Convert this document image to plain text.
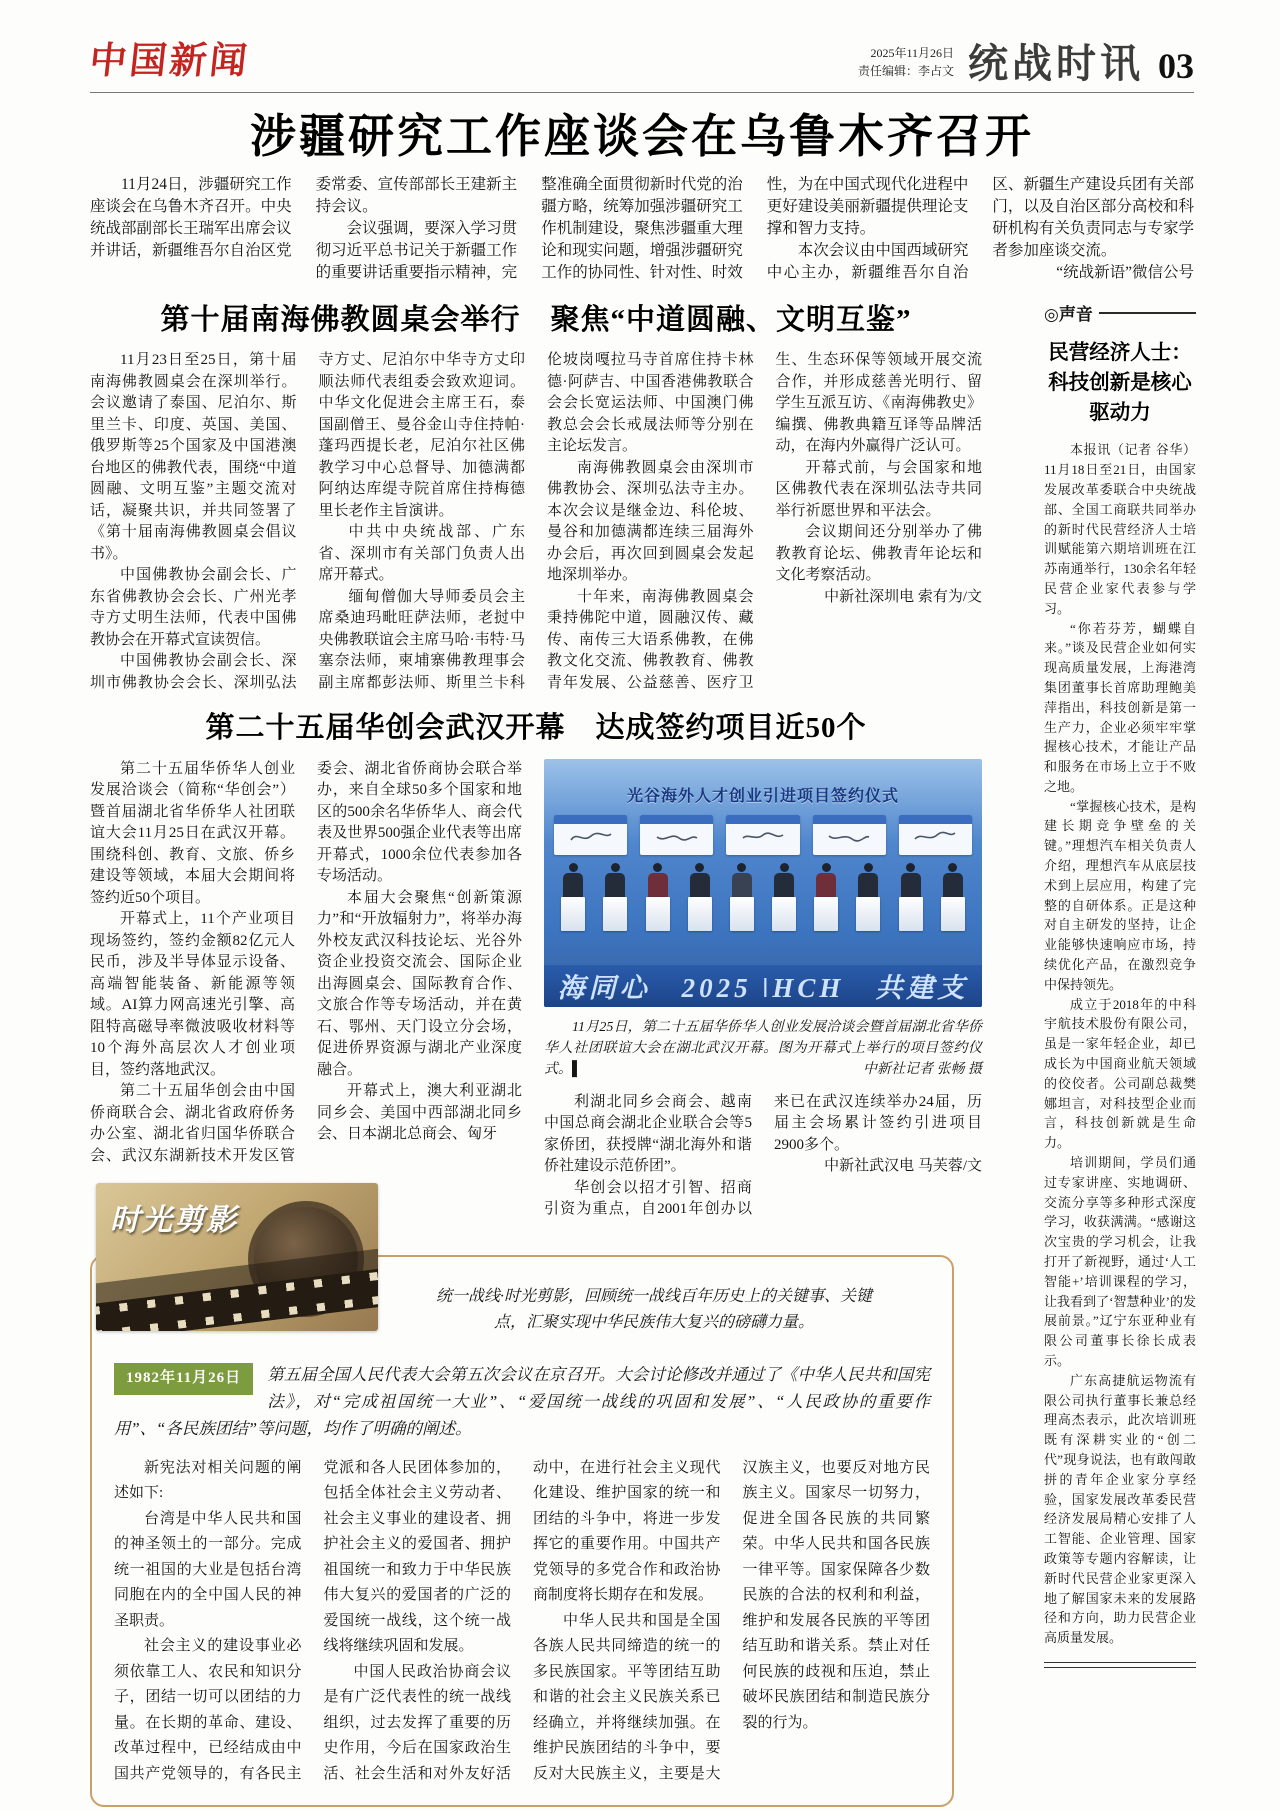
中国新闻	2025年11月26日
责任编辑：李占文 统战时讯 03
涉疆研究工作座谈会在乌鲁木齐召开

11月24日，涉疆研究工作座谈会在乌鲁木齐召开。中央统战部副部长王瑞军出席会议并讲话，新疆维吾尔自治区党委常委、宣传部部长王建新主持会议。

会议强调，要深入学习贯彻习近平总书记关于新疆工作的重要讲话重要指示精神，完整准确全面贯彻新时代党的治疆方略，统筹加强涉疆研究工作机制建设，聚焦涉疆重大理论和现实问题，增强涉疆研究工作的协同性、针对性、时效性，为在中国式现代化进程中更好建设美丽新疆提供理论支撑和智力支持。

本次会议由中国西域研究中心主办，新疆维吾尔自治区、新疆生产建设兵团有关部门，以及自治区部分高校和科研机构有关负责同志与专家学者参加座谈交流。

“统战新语”微信公号

第十届南海佛教圆桌会举行　聚焦“中道圆融、文明互鉴”

11月23日至25日，第十届南海佛教圆桌会在深圳举行。会议邀请了泰国、尼泊尔、斯里兰卡、印度、英国、美国、俄罗斯等25个国家及中国港澳台地区的佛教代表，围绕“中道圆融、文明互鉴”主题交流对话，凝聚共识，并共同签署了《第十届南海佛教圆桌会倡议书》。

中国佛教协会副会长、广东省佛教协会会长、广州光孝寺方丈明生法师，代表中国佛教协会在开幕式宣读贺信。

中国佛教协会副会长、深圳市佛教协会会长、深圳弘法寺方丈、尼泊尔中华寺方丈印顺法师代表组委会致欢迎词。中华文化促进会主席王石，泰国副僧王、曼谷金山寺住持帕·蓬玛西提长老，尼泊尔社区佛教学习中心总督导、加德满都阿纳达库缇寺院首席住持梅德里长老作主旨演讲。

中共中央统战部、广东省、深圳市有关部门负责人出席开幕式。

缅甸僧伽大导师委员会主席桑迪玛毗旺萨法师，老挝中央佛教联谊会主席马哈·韦特·马塞奈法师，柬埔寨佛教理事会副主席都彭法师、斯里兰卡科伦坡岗嘎拉马寺首席住持卡林德·阿萨吉、中国香港佛教联合会会长宽运法师、中国澳门佛教总会会长戒晟法师等分别在主论坛发言。

南海佛教圆桌会由深圳市佛教协会、深圳弘法寺主办。本次会议是继金边、科伦坡、曼谷和加德满都连续三届海外办会后，再次回到圆桌会发起地深圳举办。

十年来，南海佛教圆桌会秉持佛陀中道，圆融汉传、藏传、南传三大语系佛教，在佛教文化交流、佛教教育、佛教青年发展、公益慈善、医疗卫生、生态环保等领域开展交流合作，并形成慈善光明行、留学生互派互访、《南海佛教史》编撰、佛教典籍互译等品牌活动，在海内外赢得广泛认可。

开幕式前，与会国家和地区佛教代表在深圳弘法寺共同举行祈愿世界和平法会。

会议期间还分别举办了佛教教育论坛、佛教青年论坛和文化考察活动。

中新社深圳电 索有为/文

第二十五届华创会武汉开幕　达成签约项目近50个

第二十五届华侨华人创业发展洽谈会（简称“华创会”）暨首届湖北省华侨华人社团联谊大会11月25日在武汉开幕。围绕科创、教育、文旅、侨乡建设等领域，本届大会期间将签约近50个项目。

开幕式上，11个产业项目现场签约，签约金额82亿元人民币，涉及半导体显示设备、高端智能装备、新能源等领域。AI算力网高速光引擎、高阻特高磁导率微波吸收材料等10个海外高层次人才创业项目，签约落地武汉。

第二十五届华创会由中国侨商联合会、湖北省政府侨务办公室、湖北省归国华侨联合会、武汉东湖新技术开发区管委会、湖北省侨商协会联合举办，来自全球50多个国家和地区的500余名华侨华人、商会代表及世界500强企业代表等出席开幕式，1000余位代表参加各专场活动。

本届大会聚焦“创新策源力”和“开放辐射力”，将举办海外校友武汉科技论坛、光谷外资企业投资交流会、国际企业出海圆桌会、国际教育合作、文旅合作等专场活动，并在黄石、鄂州、天门设立分会场，促进侨界资源与湖北产业深度融合。

开幕式上，澳大利亚湖北同乡会、美国中西部湖北同乡会、日本湖北总商会、匈牙

光谷海外人才创业引进项目签约仪式
海同心　2025 ǀHCH　共建支
11月25日，第二十五届华侨华人创业发展洽谈会暨首届湖北省华侨华人社团联谊大会在湖北武汉开幕。图为开幕式上举行的项目签约仪式。▌	中新社记者 张畅 摄

利湖北同乡会商会、越南中国总商会湖北企业联合会等5家侨团，获授牌“湖北海外和谐侨社建设示范侨团”。

华创会以招才引智、招商引资为重点，自2001年创办以来已在武汉连续举办24届，历届主会场累计签约引进项目2900多个。

中新社武汉电 马芙蓉/文

时光剪影
统一战线·时光剪影，回顾统一战线百年历史上的关键事、关键点，汇聚实现中华民族伟大复兴的磅礴力量。
1982年11月26日	第五届全国人民代表大会第五次会议在京召开。大会讨论修改并通过了《中华人民共和国宪法》，对“完成祖国统一大业”、“爱国统一战线的巩固和发展”、“人民政协的重要作用”、“各民族团结”等问题，均作了明确的阐述。

新宪法对相关问题的阐述如下:

台湾是中华人民共和国的神圣领土的一部分。完成统一祖国的大业是包括台湾同胞在内的全中国人民的神圣职责。

社会主义的建设事业必须依靠工人、农民和知识分子，团结一切可以团结的力量。在长期的革命、建设、改革过程中，已经结成由中国共产党领导的，有各民主党派和各人民团体参加的，包括全体社会主义劳动者、社会主义事业的建设者、拥护社会主义的爱国者、拥护祖国统一和致力于中华民族伟大复兴的爱国者的广泛的爱国统一战线，这个统一战线将继续巩固和发展。

中国人民政治协商会议是有广泛代表性的统一战线组织，过去发挥了重要的历史作用，今后在国家政治生活、社会生活和对外友好活动中，在进行社会主义现代化建设、维护国家的统一和团结的斗争中，将进一步发挥它的重要作用。中国共产党领导的多党合作和政治协商制度将长期存在和发展。

中华人民共和国是全国各族人民共同缔造的统一的多民族国家。平等团结互助和谐的社会主义民族关系已经确立，并将继续加强。在维护民族团结的斗争中，要反对大民族主义，主要是大汉族主义，也要反对地方民族主义。国家尽一切努力，促进全国各民族的共同繁荣。中华人民共和国各民族一律平等。国家保障各少数民族的合法的权利和利益，维护和发展各民族的平等团结互助和谐关系。禁止对任何民族的歧视和压迫，禁止破坏民族团结和制造民族分裂的行为。

◎声音
民营经济人士：
科技创新是核心驱动力

本报讯（记者 谷华）11月18日至21日，由国家发展改革委联合中央统战部、全国工商联共同举办的新时代民营经济人士培训赋能第六期培训班在江苏南通举行，130余名年轻民营企业家代表参与学习。

“你若芬芳，蝴蝶自来。”谈及民营企业如何实现高质量发展，上海港湾集团董事长首席助理鲍美萍指出，科技创新是第一生产力，企业必须牢牢掌握核心技术，才能让产品和服务在市场上立于不败之地。

“掌握核心技术，是构建长期竞争壁垒的关键。”理想汽车相关负责人介绍，理想汽车从底层技术到上层应用，构建了完整的自研体系。正是这种对自主研发的坚持，让企业能够快速响应市场，持续优化产品，在激烈竞争中保持领先。

成立于2018年的中科宇航技术股份有限公司，虽是一家年轻企业，却已成长为中国商业航天领域的佼佼者。公司副总裁樊娜坦言，对科技型企业而言，科技创新就是生命力。

培训期间，学员们通过专家讲座、实地调研、交流分享等多种形式深度学习，收获满满。“感谢这次宝贵的学习机会，让我打开了新视野，通过‘人工智能+’培训课程的学习，让我看到了‘智慧种业’的发展前景。”辽宁东亚种业有限公司董事长徐长成表示。

广东高捷航运物流有限公司执行董事长兼总经理高杰表示，此次培训班既有深耕实业的“创二代”现身说法，也有敢闯敢拼的青年企业家分享经验，国家发展改革委民营经济发展局精心安排了人工智能、企业管理、国家政策等专题内容解读，让新时代民营企业家更深入地了解国家未来的发展路径和方向，助力民营企业高质量发展。
